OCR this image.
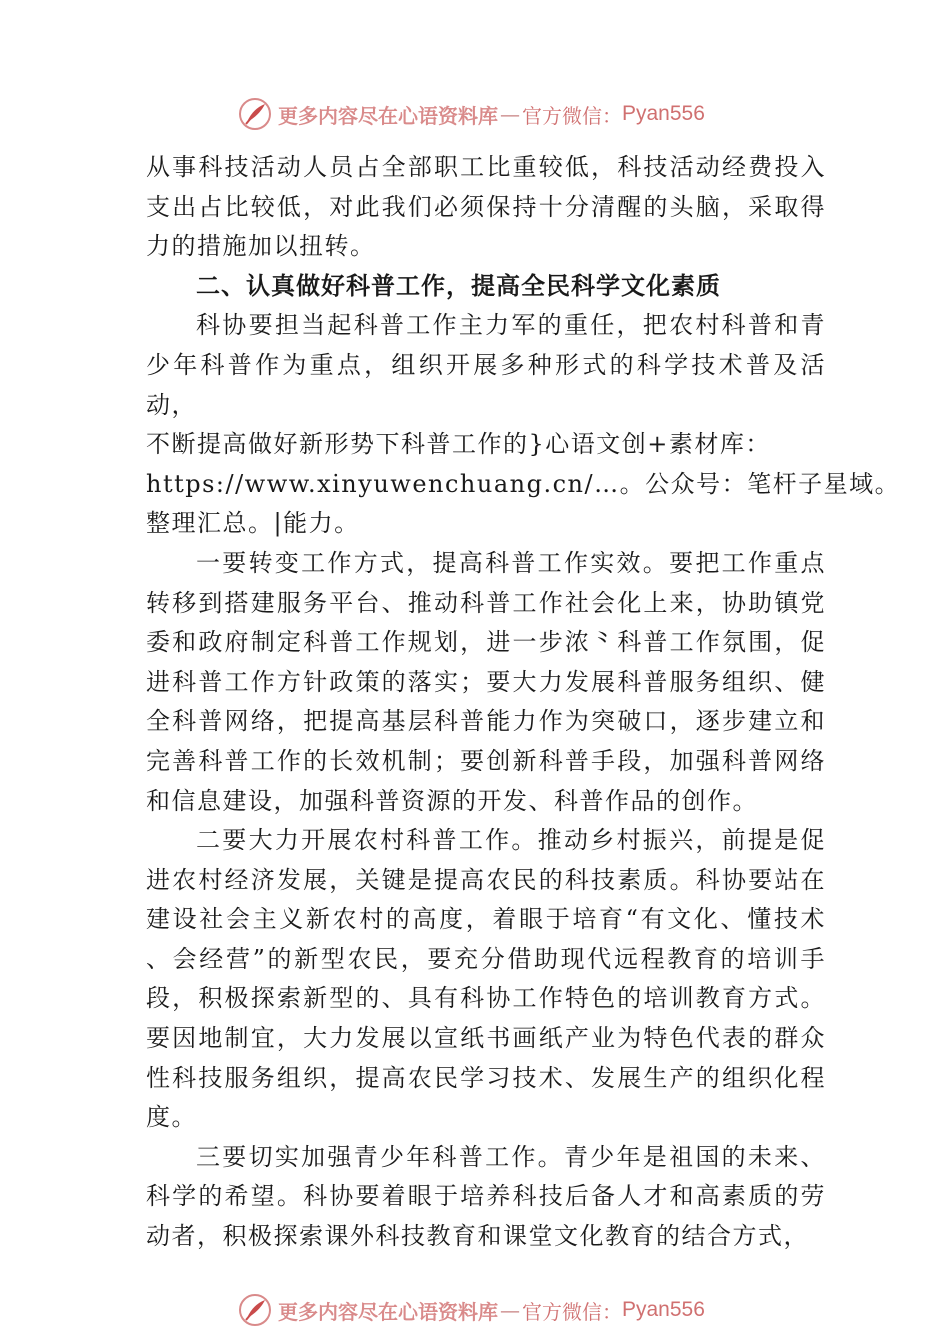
更多内容尽在心语资料库 — 官方微信： Pyan556

从事科技活动人员占全部职工比重较低，科技活动经费投入支出占比较低，对此我们必须保持十分清醒的头脑，采取得力的措施加以扭转。

二、认真做好科普工作，提高全民科学文化素质

科协要担当起科普工作主力军的重任，把农村科普和青少年科普作为重点，组织开展多种形式的科学技术普及活动，

不断提高做好新形势下科普工作的}心语文创+素材库：

https://www.xinyuwenchuang.cn/…。公众号：笔杆子星域。

整理汇总。|能力。

一要转变工作方式，提高科普工作实效。要把工作重点转移到搭建服务平台、推动科普工作社会化上来，协助镇党委和政府制定科普工作规划，进一步浓⺀科普工作氛围，促进科普工作方针政策的落实；要大力发展科普服务组织、健全科普网络，把提高基层科普能力作为突破口，逐步建立和完善科普工作的长效机制；要创新科普手段，加强科普网络和信息建设，加强科普资源的开发、科普作品的创作。

二要大力开展农村科普工作。推动乡村振兴，前提是促进农村经济发展，关键是提高农民的科技素质。科协要站在建设社会主义新农村的高度，着眼于培育“有文化、懂技术 、会经营”的新型农民，要充分借助现代远程教育的培训手段，积极探索新型的、具有科协工作特色的培训教育方式。要因地制宜，大力发展以宣纸书画纸产业为特色代表的群众性科技服务组织，提高农民学习技术、发展生产的组织化程度。

三要切实加强青少年科普工作。青少年是祖国的未来、科学的希望。科协要着眼于培养科技后备人才和高素质的劳动者，积极探索课外科技教育和课堂文化教育的结合方式，

更多内容尽在心语资料库 — 官方微信： Pyan556
